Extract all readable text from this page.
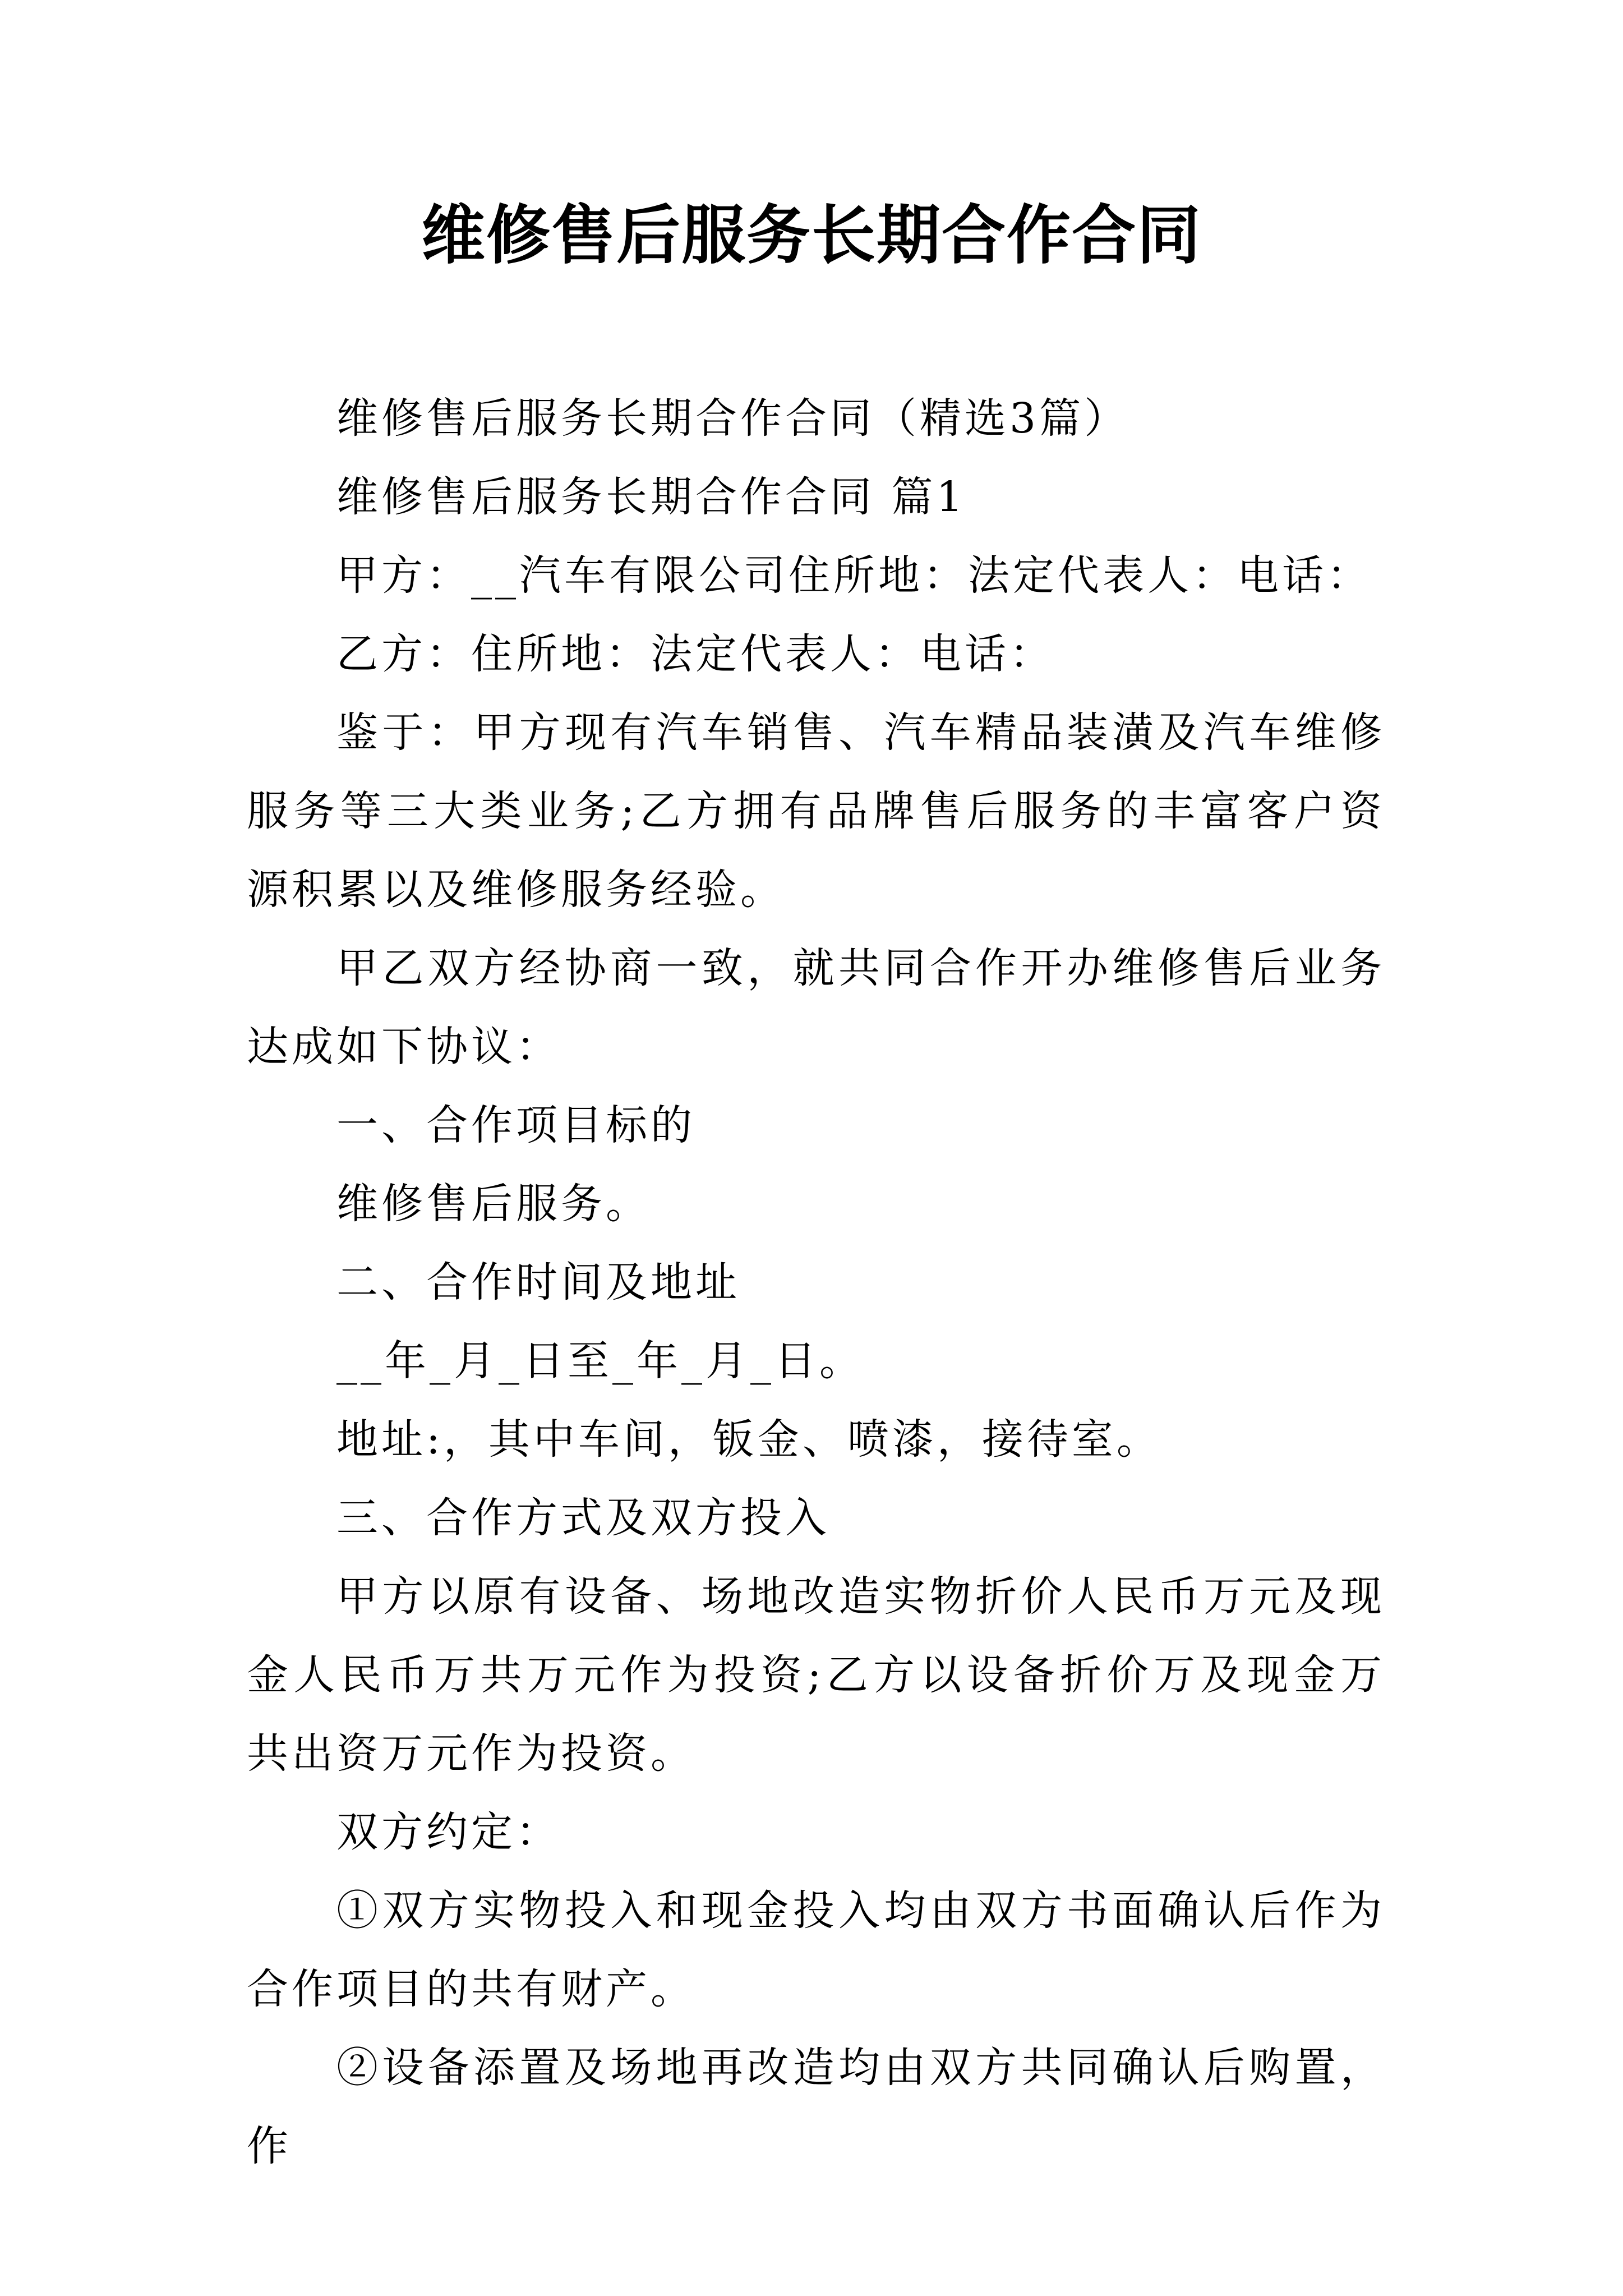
维修售后服务长期合作合同

维修售后服务长期合作合同（精选3篇）

维修售后服务长期合作合同 篇1

甲方：__汽车有限公司住所地：法定代表人：电话：

乙方：住所地：法定代表人：电话：

鉴于：甲方现有汽车销售、汽车精品装潢及汽车维修服务等三大类业务;乙方拥有品牌售后服务的丰富客户资源积累以及维修服务经验。

甲乙双方经协商一致，就共同合作开办维修售后业务达成如下协议：

一、合作项目标的

维修售后服务。

二、合作时间及地址

__年_月_日至_年_月_日。

地址:，其中车间，钣金、喷漆，接待室。

三、合作方式及双方投入

甲方以原有设备、场地改造实物折价人民币万元及现金人民币万共万元作为投资;乙方以设备折价万及现金万共出资万元作为投资。

双方约定：

①双方实物投入和现金投入均由双方书面确认后作为合作项目的共有财产。

②设备添置及场地再改造均由双方共同确认后购置，作
